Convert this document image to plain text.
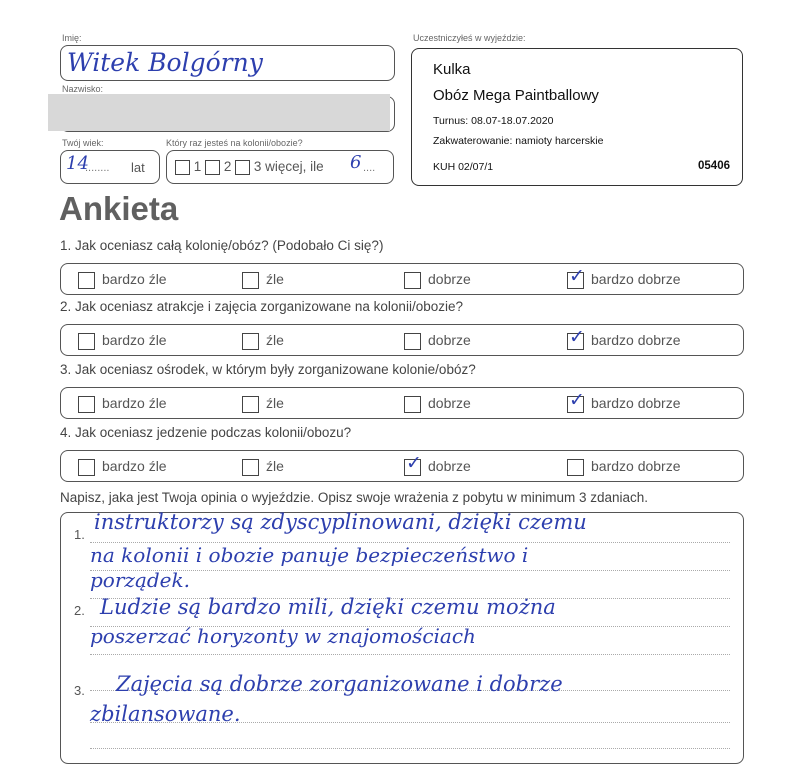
Imię:
Witek Bolgórny
Nazwisko:
Twój wiek:
14
........ lat
Który raz jesteś na kolonii/obozie?
1 2 3 więcej, ile 6 ....
Uczestniczyłeś w wyjeździe:
Kulka
Obóz Mega Paintballowy
Turnus: 08.07-18.07.2020
Zakwaterowanie: namioty harcerskie
KUH 02/07/1	05406
Ankieta
1. Jak oceniasz całą kolonię/obóz? (Podobało Ci się?)
bardzo źle	źle	dobrze	✓ bardzo dobrze
2. Jak oceniasz atrakcje i zajęcia zorganizowane na kolonii/obozie?
bardzo źle	źle	dobrze	✓ bardzo dobrze
3. Jak oceniasz ośrodek, w którym były zorganizowane kolonie/obóz?
bardzo źle	źle	dobrze	✓ bardzo dobrze
4. Jak oceniasz jedzenie podczas kolonii/obozu?
bardzo źle	źle	✓ dobrze	bardzo dobrze
Napisz, jaka jest Twoja opinia o wyjeździe. Opisz swoje wrażenia z pobytu w minimum 3 zdaniach.
1.
2.
3.
instruktorzy są zdyscyplinowani, dzięki czemu
na kolonii i obozie panuje bezpieczeństwo i
porządek.
Ludzie są bardzo mili, dzięki czemu można
poszerzać horyzonty w znajomościach
Zajęcia są dobrze zorganizowane i dobrze
zbilansowane.
